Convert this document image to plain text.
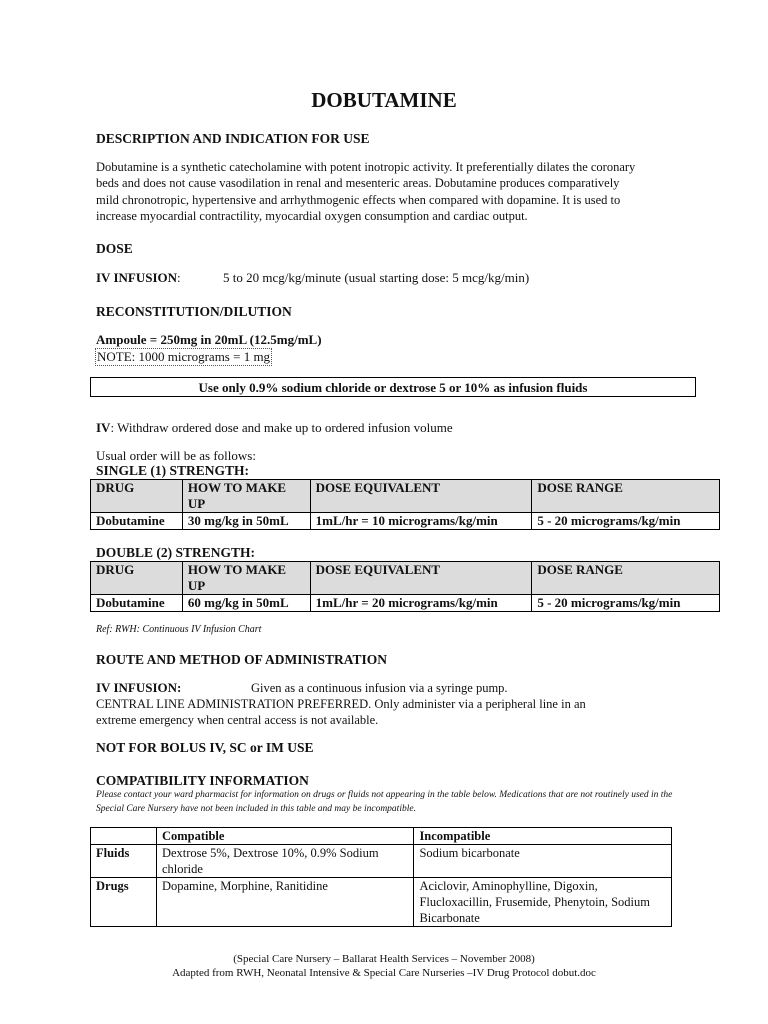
DOBUTAMINE
DESCRIPTION AND INDICATION FOR USE
Dobutamine is a synthetic catecholamine with potent inotropic activity. It preferentially dilates the coronary
beds and does not cause vasodilation in renal and mesenteric areas. Dobutamine produces comparatively
mild chronotropic, hypertensive and arrhythmogenic effects when compared with dopamine. It is used to
increase myocardial contractility, myocardial oxygen consumption and cardiac output.
DOSE
IV INFUSION:	5 to 20 mcg/kg/minute (usual starting dose: 5 mcg/kg/min)
RECONSTITUTION/DILUTION
Ampoule = 250mg in 20mL (12.5mg/mL)
NOTE: 1000 micrograms = 1 mg
Use only 0.9% sodium chloride or dextrose 5 or 10% as infusion fluids
IV: Withdraw ordered dose and make up to ordered infusion volume
Usual order will be as follows:
SINGLE (1) STRENGTH:
DRUG	HOW TO MAKE UP	DOSE EQUIVALENT	DOSE RANGE
Dobutamine	30 mg/kg in 50mL	1mL/hr = 10 micrograms/kg/min	5 - 20 micrograms/kg/min
DOUBLE (2) STRENGTH:
DRUG	HOW TO MAKE UP	DOSE EQUIVALENT	DOSE RANGE
Dobutamine	60 mg/kg in 50mL	1mL/hr = 20 micrograms/kg/min	5 - 20 micrograms/kg/min
Ref: RWH: Continuous IV Infusion Chart
ROUTE AND METHOD OF ADMINISTRATION
IV INFUSION:	Given as a continuous infusion via a syringe pump.
CENTRAL LINE ADMINISTRATION PREFERRED. Only administer via a peripheral line in an
extreme emergency when central access is not available.
NOT FOR BOLUS IV, SC or IM USE
COMPATIBILITY INFORMATION
Please contact your ward pharmacist for information on drugs or fluids not appearing in the table below. Medications that are not routinely used in the
Special Care Nursery have not been included in this table and may be incompatible.
	Compatible	Incompatible
Fluids	Dextrose 5%, Dextrose 10%, 0.9% Sodium chloride	Sodium bicarbonate
Drugs	Dopamine, Morphine, Ranitidine	Aciclovir, Aminophylline, Digoxin, Flucloxacillin, Frusemide, Phenytoin, Sodium Bicarbonate
(Special Care Nursery – Ballarat Health Services – November 2008)
Adapted from RWH, Neonatal Intensive & Special Care Nurseries –IV Drug Protocol dobut.doc
